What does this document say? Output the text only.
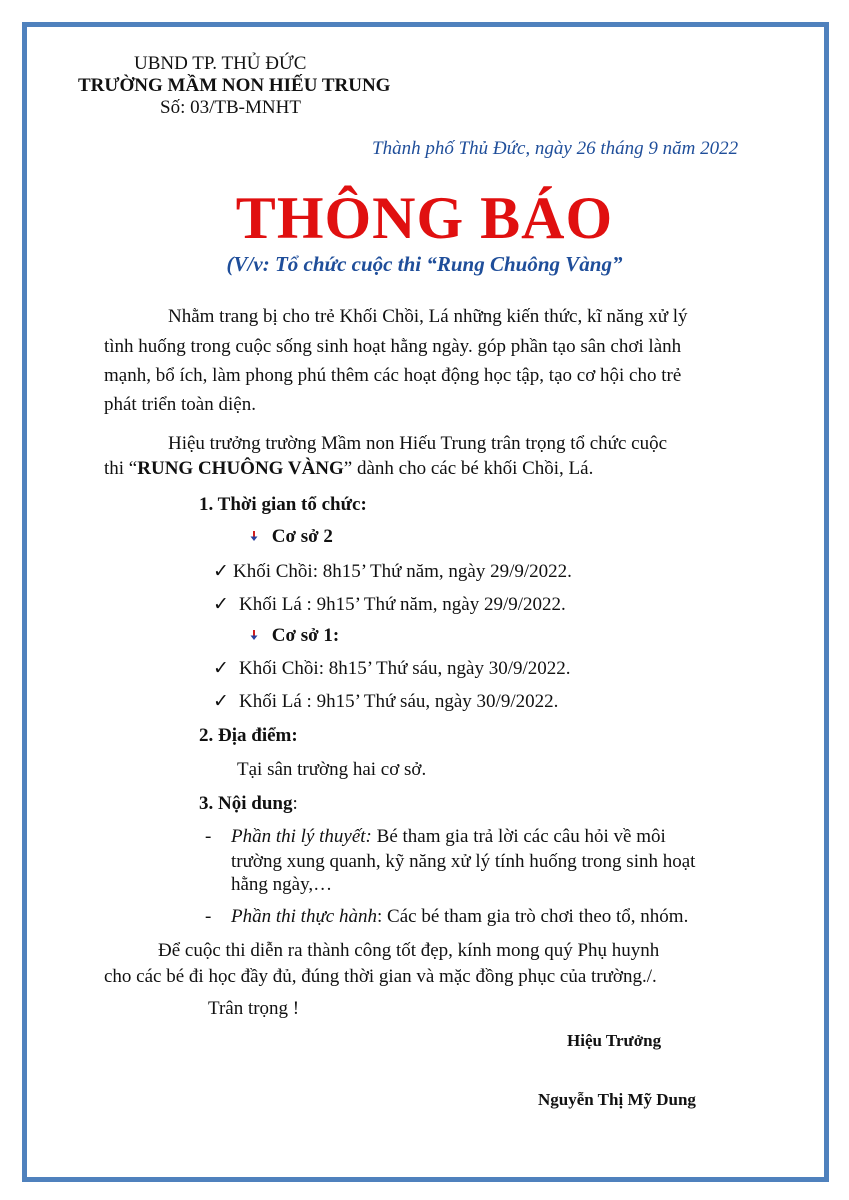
UBND TP. THỦ ĐỨC
TRƯỜNG MẦM NON HIẾU TRUNG
Số: 03/TB-MNHT
Thành phố Thủ Đức, ngày 26 tháng 9 năm 2022
THÔNG BÁO
(V/v: Tổ chức cuộc thi “Rung Chuông Vàng”
Nhằm trang bị cho trẻ Khối Chồi, Lá những kiến thức, kĩ năng xử lý
tình huống trong cuộc sống sinh hoạt hằng ngày. góp phần tạo sân chơi lành
mạnh, bổ ích, làm phong phú thêm các hoạt động học tập, tạo cơ hội cho trẻ
phát triển toàn diện.
Hiệu trưởng trường Mầm non Hiếu Trung trân trọng tổ chức cuộc
thi “RUNG CHUÔNG VÀNG” dành cho các bé khối Chồi, Lá.
1. Thời gian tổ chức:
Cơ sở 2
✓ Khối Chồi: 8h15’ Thứ năm, ngày 29/9/2022.
✓ Khối Lá : 9h15’ Thứ năm, ngày 29/9/2022.
Cơ sở 1:
✓ Khối Chồi: 8h15’ Thứ sáu, ngày 30/9/2022.
✓ Khối Lá : 9h15’ Thứ sáu, ngày 30/9/2022.
2. Địa điểm:
Tại sân trường hai cơ sở.
3. Nội dung:
- Phần thi lý thuyết: Bé tham gia trả lời các câu hỏi về môi
trường xung quanh, kỹ năng xử lý tính huống trong sinh hoạt
hằng ngày,…
- Phần thi thực hành: Các bé tham gia trò chơi theo tổ, nhóm.
Để cuộc thi diễn ra thành công tốt đẹp, kính mong quý Phụ huynh
cho các bé đi học đầy đủ, đúng thời gian và mặc đồng phục của trường./.
Trân trọng !
Hiệu Trưởng
Nguyễn Thị Mỹ Dung
